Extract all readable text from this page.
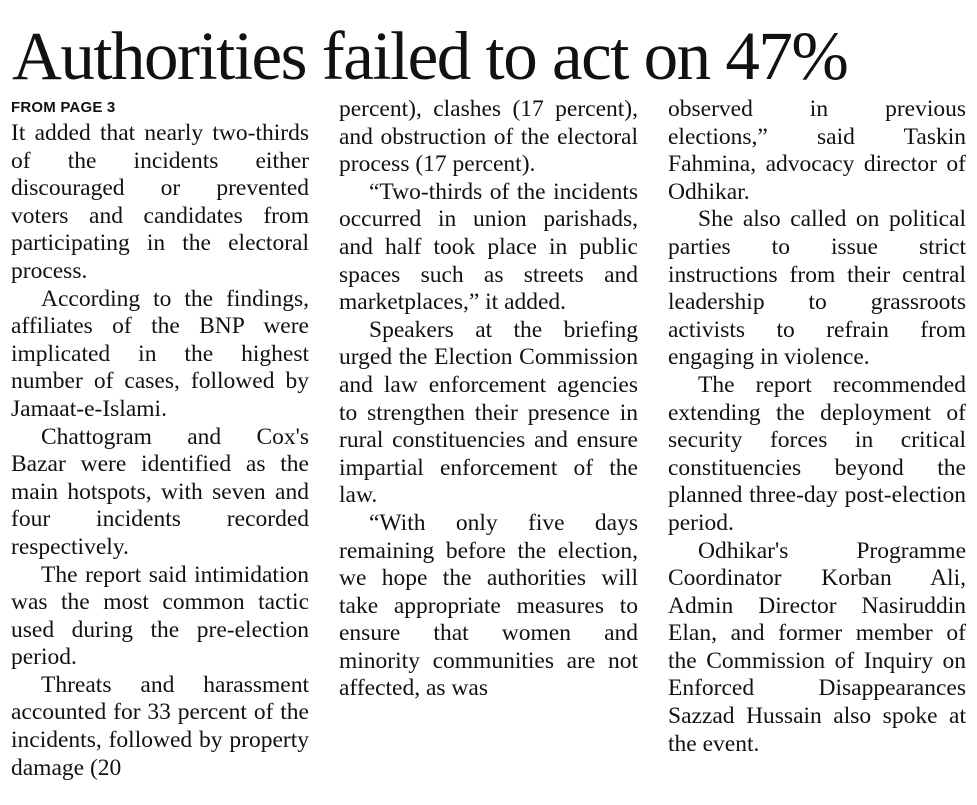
Authorities failed to act on 47%
FROM PAGE 3

It added that nearly two-thirds of the incidents either discouraged or prevented voters and candidates from participating in the electoral process.

According to the findings, affiliates of the BNP were implicated in the highest number of cases, followed by Jamaat-e-Islami.

Chattogram and Cox's Bazar were identified as the main hotspots, with seven and four incidents recorded respectively.

The report said intimidation was the most common tactic used during the pre-election period.

Threats and harassment accounted for 33 percent of the incidents, followed by property damage (20

percent), clashes (17 percent), and obstruction of the electoral process (17 percent).

“Two-thirds of the incidents occurred in union parishads, and half took place in public spaces such as streets and marketplaces,” it added.

Speakers at the briefing urged the Election Commission and law enforcement agencies to strengthen their presence in rural constituencies and ensure impartial enforcement of the law.

“With only five days remaining before the election, we hope the authorities will take appropriate measures to ensure that women and minority communities are not affected, as was

observed in previous elections,” said Taskin Fahmina, advocacy director of Odhikar.

She also called on political parties to issue strict instructions from their central leadership to grassroots activists to refrain from engaging in violence.

The report recommended extending the deployment of security forces in critical constituencies beyond the planned three-day post-election period.

Odhikar's Programme Coordinator Korban Ali, Admin Director Nasiruddin Elan, and former member of the Commission of Inquiry on Enforced Disappearances Sazzad Hussain also spoke at the event.
